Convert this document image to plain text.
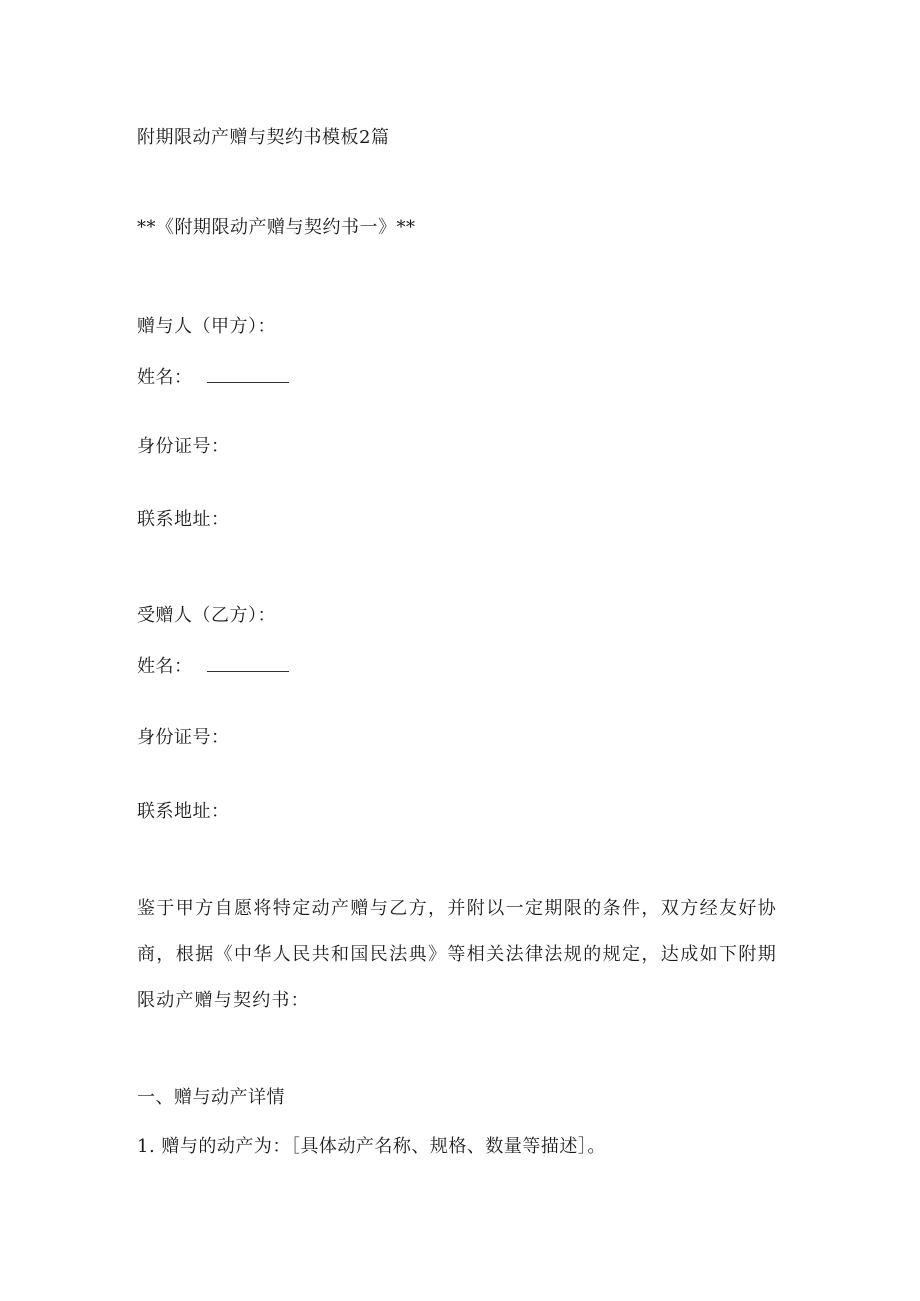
附期限动产赠与契约书模板2篇
**《附期限动产赠与契约书一》**
赠与人（甲方）：
姓名：
身份证号：
联系地址：
受赠人（乙方）：
姓名：
身份证号：
联系地址：
鉴于甲方自愿将特定动产赠与乙方，并附以一定期限的条件，双方经友好协商，根据《中华人民共和国民法典》等相关法律法规的规定，达成如下附期限动产赠与契约书：
一、赠与动产详情
1. 赠与的动产为：［具体动产名称、规格、数量等描述］。
